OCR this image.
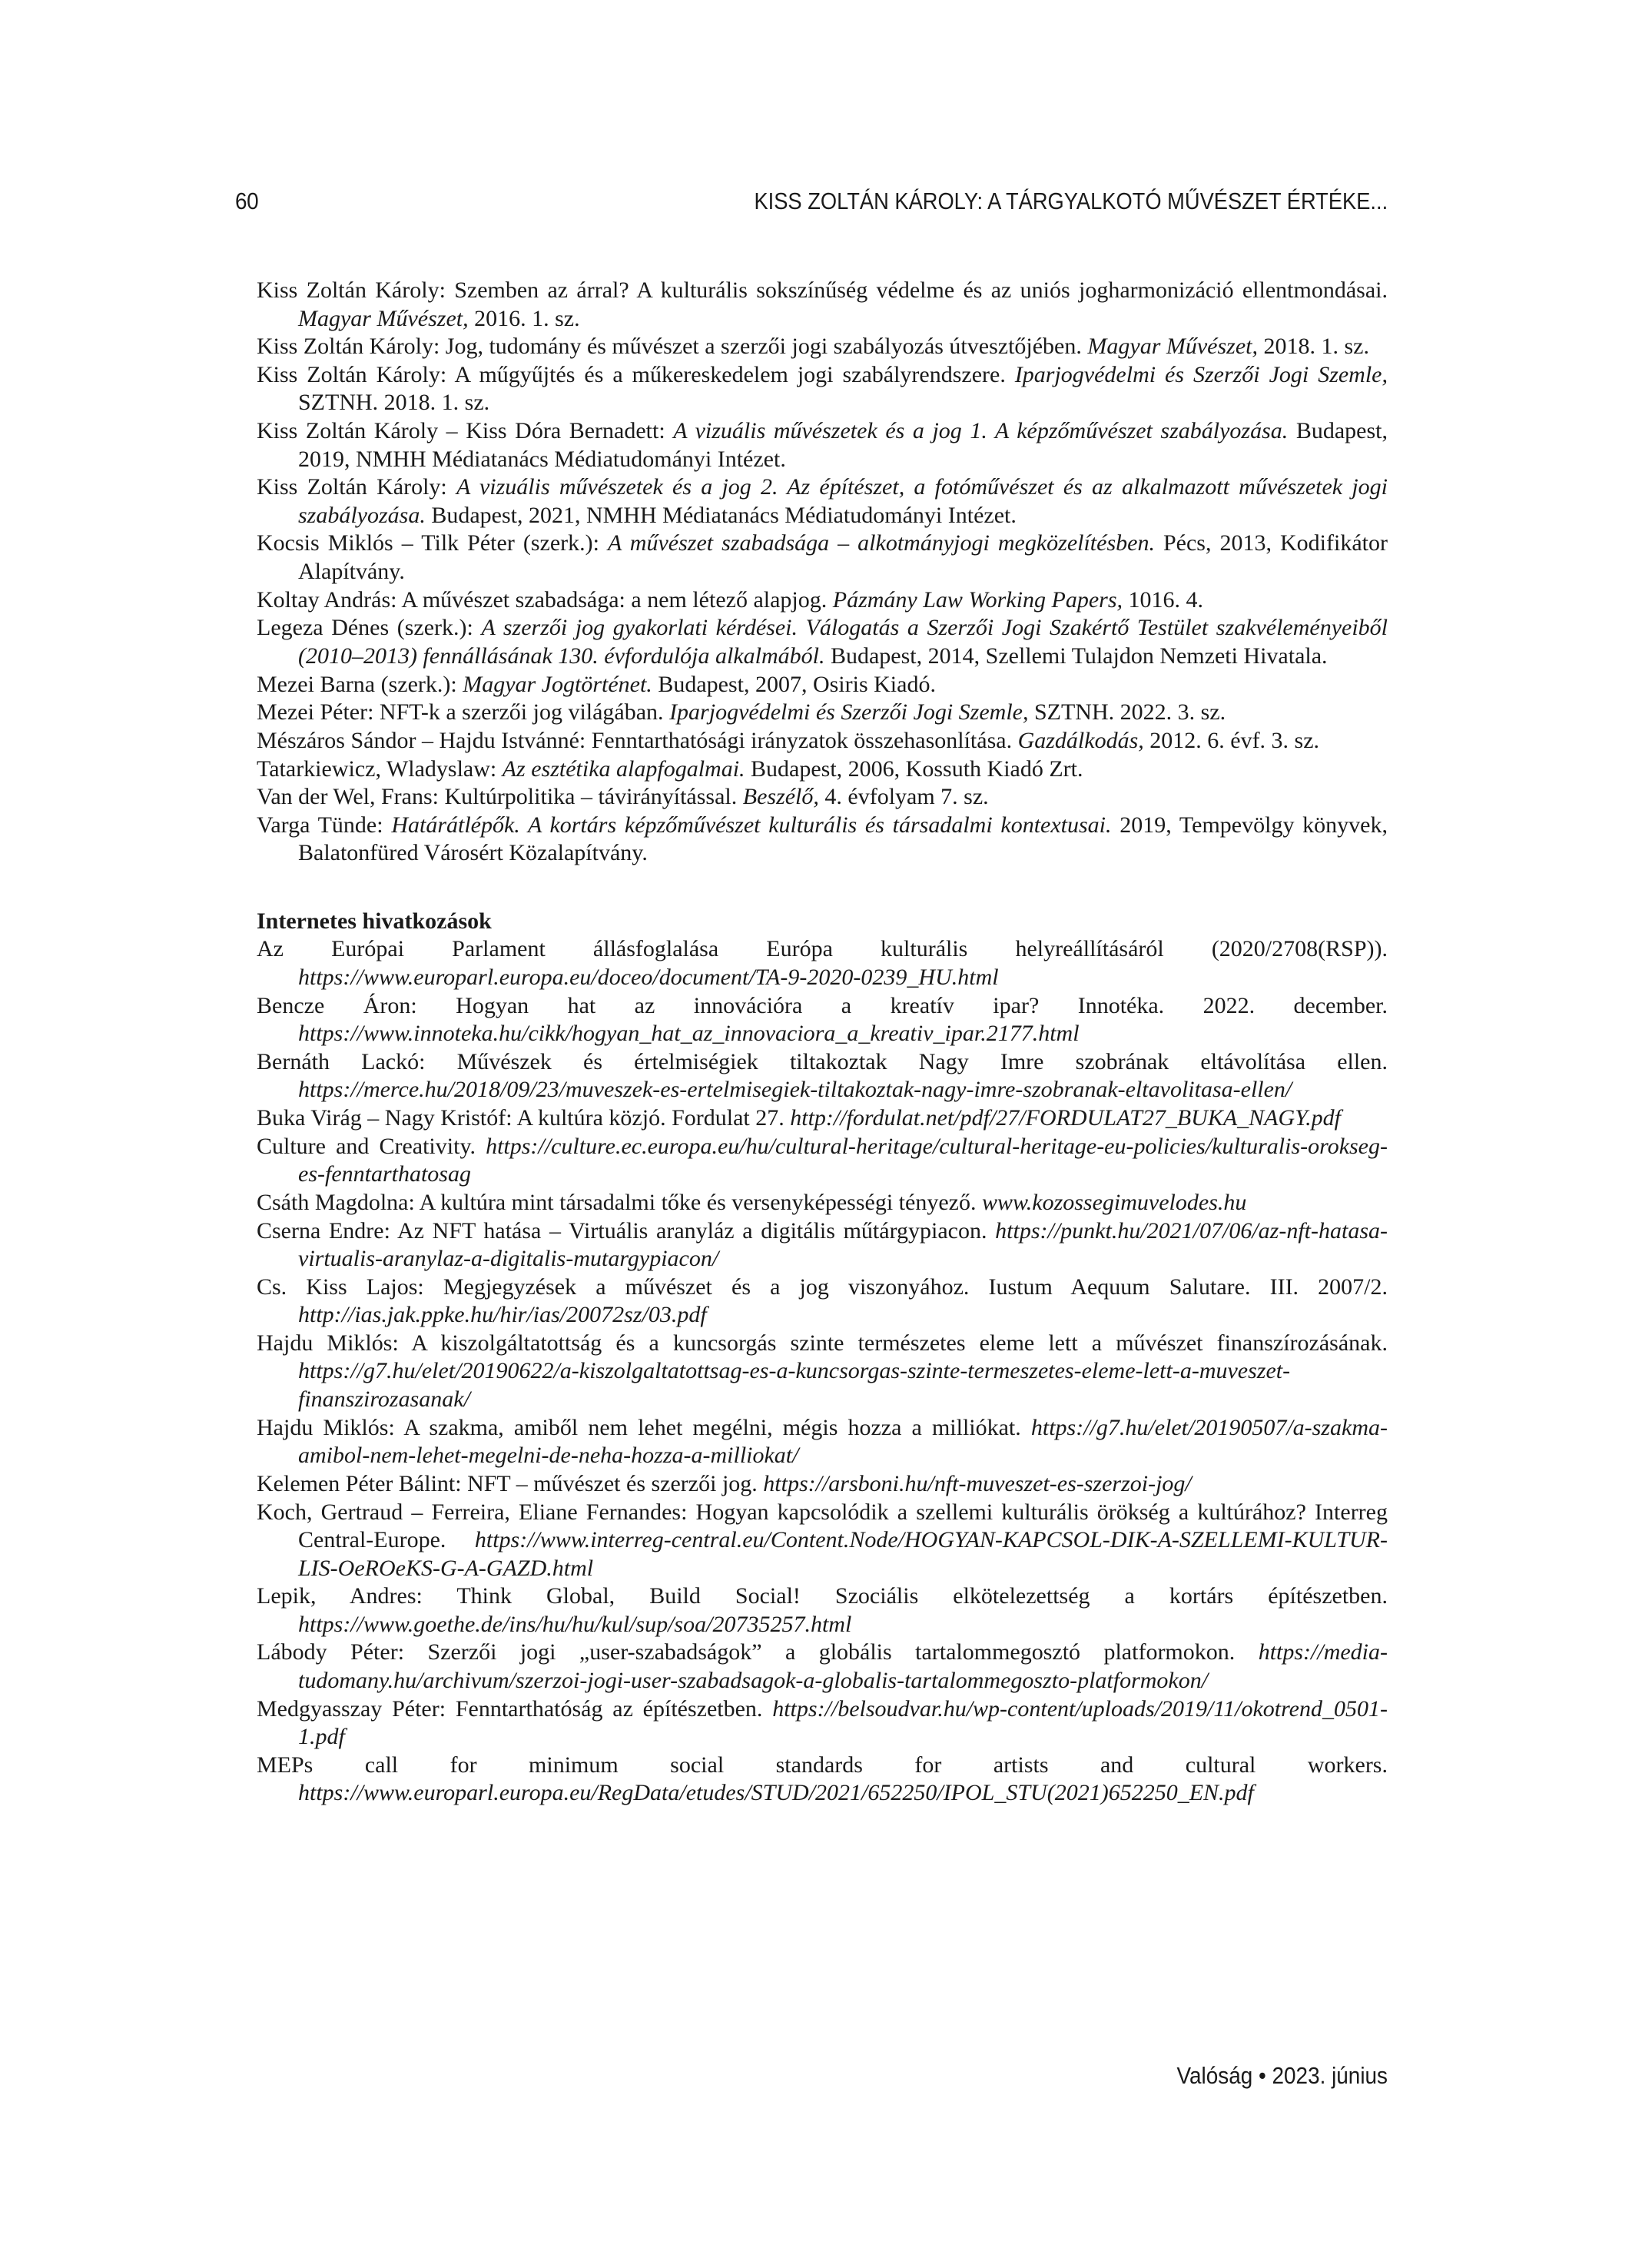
60	KISS ZOLTÁN KÁROLY: A TÁRGYALKOTÓ MŰVÉSZET ÉRTÉKE...
Kiss Zoltán Károly: Szemben az árral? A kulturális sokszínűség védelme és az uniós jogharmonizáció ellentmondásai. Magyar Művészet, 2016. 1. sz.
Kiss Zoltán Károly: Jog, tudomány és művészet a szerzői jogi szabályozás útvesztőjében. Magyar Művészet, 2018. 1. sz.
Kiss Zoltán Károly: A műgyűjtés és a műkereskedelem jogi szabályrendszere. Iparjogvédelmi és Szerzői Jogi Szemle, SZTNH. 2018. 1. sz.
Kiss Zoltán Károly – Kiss Dóra Bernadett: A vizuális művészetek és a jog 1. A képzőművészet szabályozása. Budapest, 2019, NMHH Médiatanács Médiatudományi Intézet.
Kiss Zoltán Károly: A vizuális művészetek és a jog 2. Az építészet, a fotóművészet és az alkalmazott művészetek jogi szabályozása. Budapest, 2021, NMHH Médiatanács Médiatudományi Intézet.
Kocsis Miklós – Tilk Péter (szerk.): A művészet szabadsága – alkotmányjogi megközelítésben. Pécs, 2013, Kodifikátor Alapítvány.
Koltay András: A művészet szabadsága: a nem létező alapjog. Pázmány Law Working Papers, 1016. 4.
Legeza Dénes (szerk.): A szerzői jog gyakorlati kérdései. Válogatás a Szerzői Jogi Szakértő Testület szakvéleményeiből (2010–2013) fennállásának 130. évfordulója alkalmából. Budapest, 2014, Szellemi Tulajdon Nemzeti Hivatala.
Mezei Barna (szerk.): Magyar Jogtörténet. Budapest, 2007, Osiris Kiadó.
Mezei Péter: NFT-k a szerzői jog világában. Iparjogvédelmi és Szerzői Jogi Szemle, SZTNH. 2022. 3. sz.
Mészáros Sándor – Hajdu Istvánné: Fenntarthatósági irányzatok összehasonlítása. Gazdálkodás, 2012. 6. évf. 3. sz.
Tatarkiewicz, Wladyslaw: Az esztétika alapfogalmai. Budapest, 2006, Kossuth Kiadó Zrt.
Van der Wel, Frans: Kultúrpolitika – távirányítással. Beszélő, 4. évfolyam 7. sz.
Varga Tünde: Határátlépők. A kortárs képzőművészet kulturális és társadalmi kontextusai. 2019, Tempevölgy könyvek, Balatonfüred Városért Közalapítvány.
Internetes hivatkozások
Az Európai Parlament állásfoglalása Európa kulturális helyreállításáról (2020/2708(RSP)). https://www.europarl.europa.eu/doceo/document/TA-9-2020-0239_HU.html
Bencze Áron: Hogyan hat az innovációra a kreatív ipar? Innotéka. 2022. december. https://www.innoteka.hu/cikk/hogyan_hat_az_innovaciora_a_kreativ_ipar.2177.html
Bernáth Lackó: Művészek és értelmiségiek tiltakoztak Nagy Imre szobrának eltávolítása ellen. https://merce.hu/2018/09/23/muveszek-es-ertelmisegiek-tiltakoztak-nagy-imre-szobranak-eltavolitasa-ellen/
Buka Virág – Nagy Kristóf: A kultúra közjó. Fordulat 27. http://fordulat.net/pdf/27/FORDULAT27_BUKA_NAGY.pdf
Culture and Creativity. https://culture.ec.europa.eu/hu/cultural-heritage/cultural-heritage-eu-policies/kulturalis-orokseg-es-fenntarthatosag
Csáth Magdolna: A kultúra mint társadalmi tőke és versenyképességi tényező. www.kozossegimuvelodes.hu
Cserna Endre: Az NFT hatása – Virtuális aranyláz a digitális műtárgypiacon. https://punkt.hu/2021/07/06/az-nft-hatasa-virtualis-aranylaz-a-digitalis-mutargypiacon/
Cs. Kiss Lajos: Megjegyzések a művészet és a jog viszonyához. Iustum Aequum Salutare. III. 2007/2. http://ias.jak.ppke.hu/hir/ias/20072sz/03.pdf
Hajdu Miklós: A kiszolgáltatottság és a kuncsorgás szinte természetes eleme lett a művészet finanszírozásának. https://g7.hu/elet/20190622/a-kiszolgaltatottsag-es-a-kuncsorgas-szinte-termeszetes-eleme-lett-a-muveszet-finanszirozasanak/
Hajdu Miklós: A szakma, amiből nem lehet megélni, mégis hozza a milliókat. https://g7.hu/elet/20190507/a-szakma-amibol-nem-lehet-megelni-de-neha-hozza-a-milliokat/
Kelemen Péter Bálint: NFT – művészet és szerzői jog. https://arsboni.hu/nft-muveszet-es-szerzoi-jog/
Koch, Gertraud – Ferreira, Eliane Fernandes: Hogyan kapcsolódik a szellemi kulturális örökség a kultúrához? Interreg Central-Europe. https://www.interreg-central.eu/Content.Node/HOGYAN-KAPCSOL-DIK-A-SZELLEMI-KULTUR-LIS-OeROeKS-G-A-GAZD.html
Lepik, Andres: Think Global, Build Social! Szociális elkötelezettség a kortárs építészetben. https://www.goethe.de/ins/hu/hu/kul/sup/soa/20735257.html
Lábody Péter: Szerzői jogi „user-szabadságok” a globális tartalommegosztó platformokon. https://media-tudomany.hu/archivum/szerzoi-jogi-user-szabadsagok-a-globalis-tartalommegoszto-platformokon/
Medgyasszay Péter: Fenntarthatóság az építészetben. https://belsoudvar.hu/wp-content/uploads/2019/11/okotrend_0501-1.pdf
MEPs call for minimum social standards for artists and cultural workers. https://www.europarl.europa.eu/RegData/etudes/STUD/2021/652250/IPOL_STU(2021)652250_EN.pdf
Valóság • 2023. június
